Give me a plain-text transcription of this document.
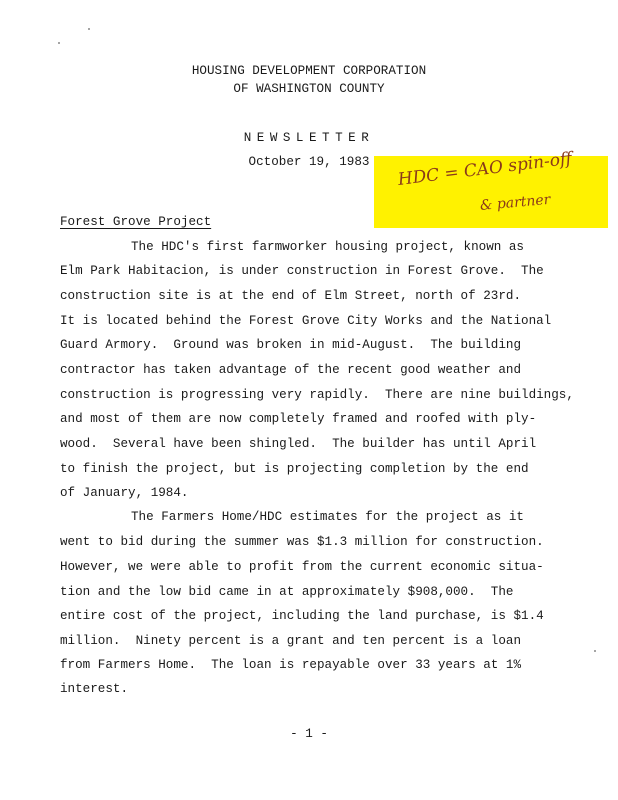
HOUSING DEVELOPMENT CORPORATION
OF WASHINGTON COUNTY
NEWSLETTER
October 19, 1983	HDC = CAO spin-off
& partner
Forest Grove Project
The HDC's first farmworker housing project, known as
Elm Park Habitacion, is under construction in Forest Grove.  The
construction site is at the end of Elm Street, north of 23rd.
It is located behind the Forest Grove City Works and the National
Guard Armory.  Ground was broken in mid-August.  The building
contractor has taken advantage of the recent good weather and
construction is progressing very rapidly.  There are nine buildings,
and most of them are now completely framed and roofed with ply-
wood.  Several have been shingled.  The builder has until April
to finish the project, but is projecting completion by the end
of January, 1984.
The Farmers Home/HDC estimates for the project as it
went to bid during the summer was $1.3 million for construction.
However, we were able to profit from the current economic situa-
tion and the low bid came in at approximately $908,000.  The
entire cost of the project, including the land purchase, is $1.4
million.  Ninety percent is a grant and ten percent is a loan
from Farmers Home.  The loan is repayable over 33 years at 1%
interest.
- 1 -
